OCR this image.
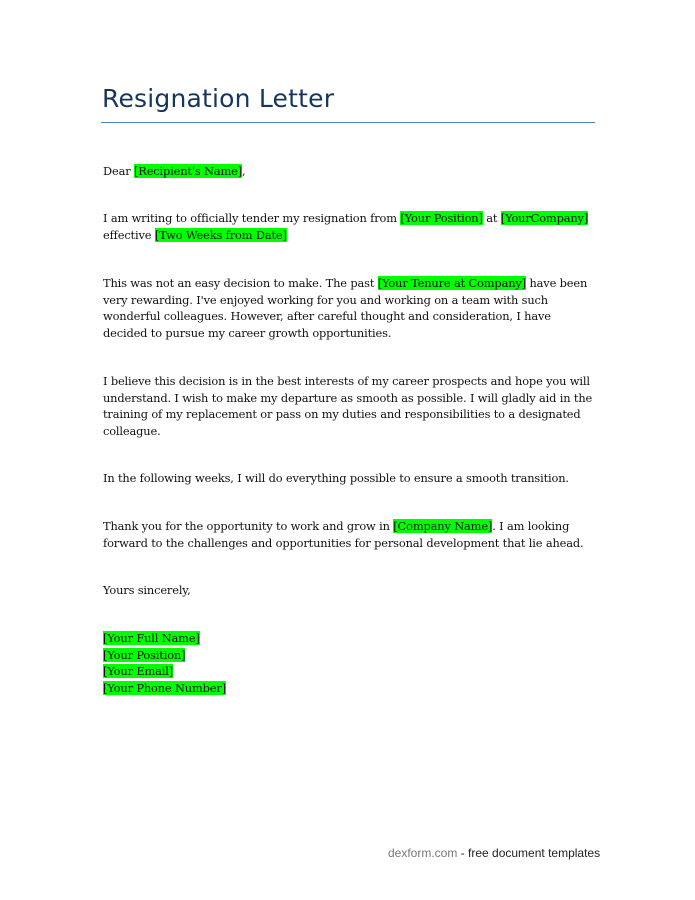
Resignation Letter

Dear [Recipient's Name],

I am writing to officially tender my resignation from [Your Position] at [YourCompany]
effective [Two Weeks from Date]

This was not an easy decision to make. The past [Your Tenure at Company] have been very rewarding. I've enjoyed working for you and working on a team with such wonderful colleagues. However, after careful thought and consideration, I have decided to pursue my career growth opportunities.

I believe this decision is in the best interests of my career prospects and hope you will understand. I wish to make my departure as smooth as possible. I will gladly aid in the training of my replacement or pass on my duties and responsibilities to a designated colleague.

In the following weeks, I will do everything possible to ensure a smooth transition.

Thank you for the opportunity to work and grow in [Company Name]. I am looking forward to the challenges and opportunities for personal development that lie ahead.

Yours sincerely,

[Your Full Name]
[Your Position]
[Your Email]
[Your Phone Number]
dexform.com - free document templates
